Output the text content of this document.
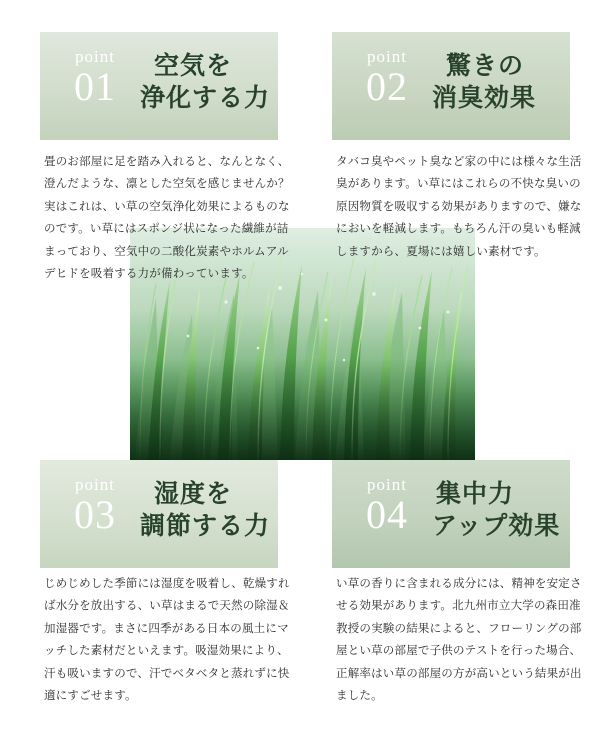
point
01 空気を
浄化する力
point
02 驚きの
消臭効果
point
03 湿度を
調節する力
point
04 集中力
アップ効果

畳のお部屋に足を踏み入れると、なんとなく、澄んだような、凛とした空気を感じませんか？実はこれは、い草の空気浄化効果によるものなのです。い草にはスポンジ状になった繊維が詰まっており、空気中の二酸化炭素やホルムアルデヒドを吸着する力が備わっています。

タバコ臭やペット臭など家の中には様々な生活臭があります。い草にはこれらの不快な臭いの原因物質を吸収する効果がありますので、嫌なにおいを軽減します。もちろん汗の臭いも軽減しますから、夏場には嬉しい素材です。

じめじめした季節には湿度を吸着し、乾燥すれば水分を放出する、い草はまるで天然の除湿＆加湿器です。まさに四季がある日本の風土にマッチした素材だといえます。吸湿効果により、汗も吸いますので、汗でベタベタと蒸れずに快適にすごせます。

い草の香りに含まれる成分には、精神を安定させる効果があります。北九州市立大学の森田准教授の実験の結果によると、フローリングの部屋とい草の部屋で子供のテストを行った場合、正解率はい草の部屋の方が高いという結果が出ました。
